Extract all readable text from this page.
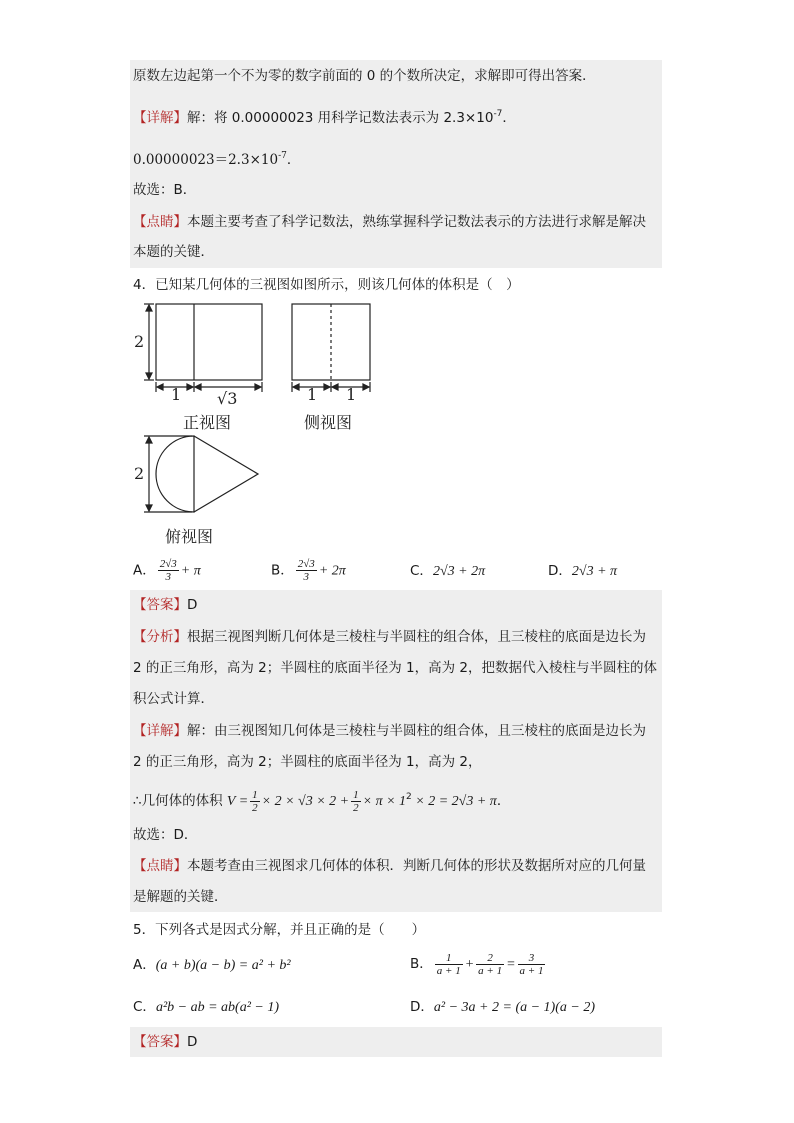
原数左边起第一个不为零的数字前面的 0 的个数所决定，求解即可得出答案．
【详解】解：将 0.00000023 用科学记数法表示为 $2.3\times 10^{-7}$．
$0.00000023=2.3\times 10^{-7}$．
故选：B．
【点睛】本题主要考查了科学记数法，熟练掌握科学记数法表示的方法进行求解是解决
本题的关键．
4．已知某几何体的三视图如图所示，则该几何体的体积是（　）
2
1 √3
正视图
1 1
侧视图
2
俯视图
A． $\frac{2√3}{3} + \pi$	B． $\frac{2√3}{3} + 2\pi$	C．2√3 + 2π	D．2√3 + π
【答案】D
【分析】根据三视图判断几何体是三棱柱与半圆柱的组合体，且三棱柱的底面是边长为
2 的正三角形，高为 2；半圆柱的底面半径为 1，高为 2，把数据代入棱柱与半圆柱的体
积公式计算．
【详解】解：由三视图知几何体是三棱柱与半圆柱的组合体，且三棱柱的底面是边长为
2 的正三角形，高为 2；半圆柱的底面半径为 1，高为 2，
∴几何体的体积 $V = \frac{1}{2} \times 2 \times √3 \times 2 + \frac{1}{2} \times \pi \times 1^2 \times 2 = 2√3 + \pi$．
故选：D．
【点睛】本题考查由三视图求几何体的体积．判断几何体的形状及数据所对应的几何量
是解题的关键．
5．下列各式是因式分解，并且正确的是（　　）
A．(a + b)(a − b) = a² + b²	B． $\frac{1}{a + 1} + \frac{2}{a + 1} = \frac{3}{a + 1}$
C．a²b − ab = ab(a² − 1)	D．a² − 3a + 2 = (a − 1)(a − 2)
【答案】D
